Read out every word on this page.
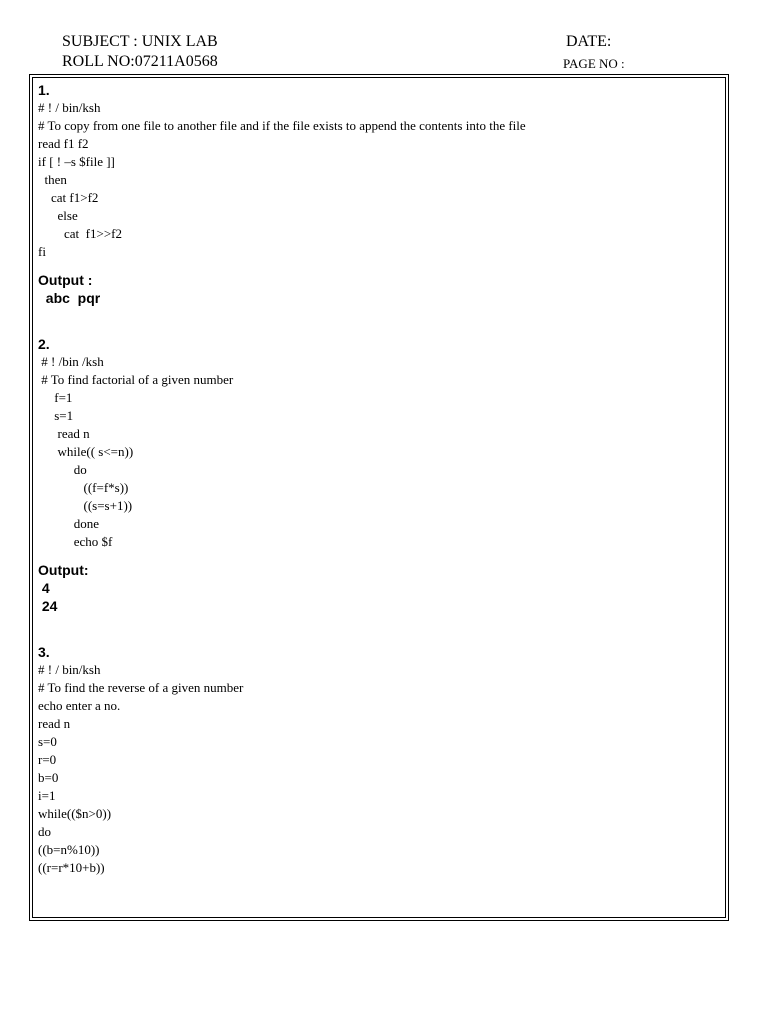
SUBJECT : UNIX LAB
ROLL NO:07211A0568
DATE:
PAGE NO :
1.
# ! / bin/ksh
# To copy from one file to another file and if the file exists to append the contents into the file
read f1 f2
if [ ! –s $file ]]
then
cat f1>f2
else
cat  f1>>f2
fi
Output :
abc  pqr
2.
# ! /bin /ksh
# To find factorial of a given number
f=1
s=1
read n
while(( s<=n))
do
((f=f*s))
((s=s+1))
done
echo $f
Output:
4
24
3.
# ! / bin/ksh
# To find the reverse of a given number
echo enter a no.
read n
s=0
r=0
b=0
i=1
while(($n>0))
do
((b=n%10))
((r=r*10+b))
